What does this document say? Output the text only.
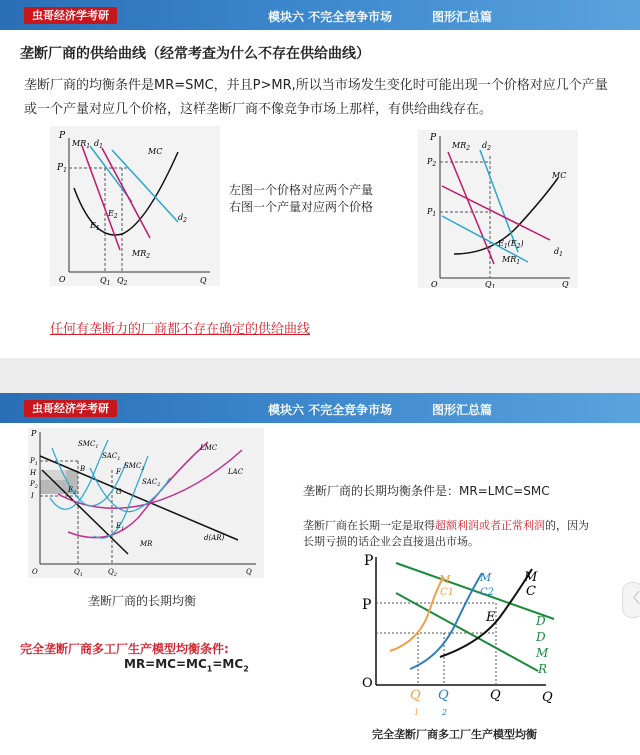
虫哥经济学考研	模块六 不完全竞争市场	图形汇总篇
垄断厂商的供给曲线（经常考查为什么不存在供给曲线）
垄断厂商的均衡条件是MR=SMC，并且P>MR,所以当市场发生变化时可能出现一个价格对应几个产量
或一个产量对应几个价格，这样垄断厂商不像竞争市场上那样，有供给曲线存在。
P
$P_1$
$MR_1$ $d_1$
MC
$E_2$
$E_1$
$MR_2$
$d_2$
O	$Q_1$ $Q_2$	Q
左图一个价格对应两个产量
右图一个产量对应两个价格
P
$P_2$
$P_1$
$MR_2$ $d_2$
MC
$E_1(E_2)$
$MR_1$
$d_1$
O	$Q_1$	Q
任何有垄断力的厂商都不存在确定的供给曲线
虫哥经济学考研	模块六 不完全竞争市场	图形汇总篇
P
$P_1$
H
$P_2$
I
$SMC_1$
$SAC_1$
$SMC_2$
$SAC_2$
LMC
LAC
B	F
G
$E_2$
$E_1$
MR
d(AR)
O	$Q_1$	$Q_2$	Q
垄断厂商的长期均衡
垄断厂商的长期均衡条件是：MR=LMC=SMC
垄断厂商在长期一定是取得超额利润或者正常利润的，因为
长期亏损的话企业会直接退出市场。
完全垄断厂商多工厂生产模型均衡条件:
$MR=MC=MC_1=MC_2$
P
P
O
M
C1
M
C2
M
C
E	D
D
M
R
Q
1
Q
2
Q	Q
完全垄断厂商多工厂生产模型均衡
〈
